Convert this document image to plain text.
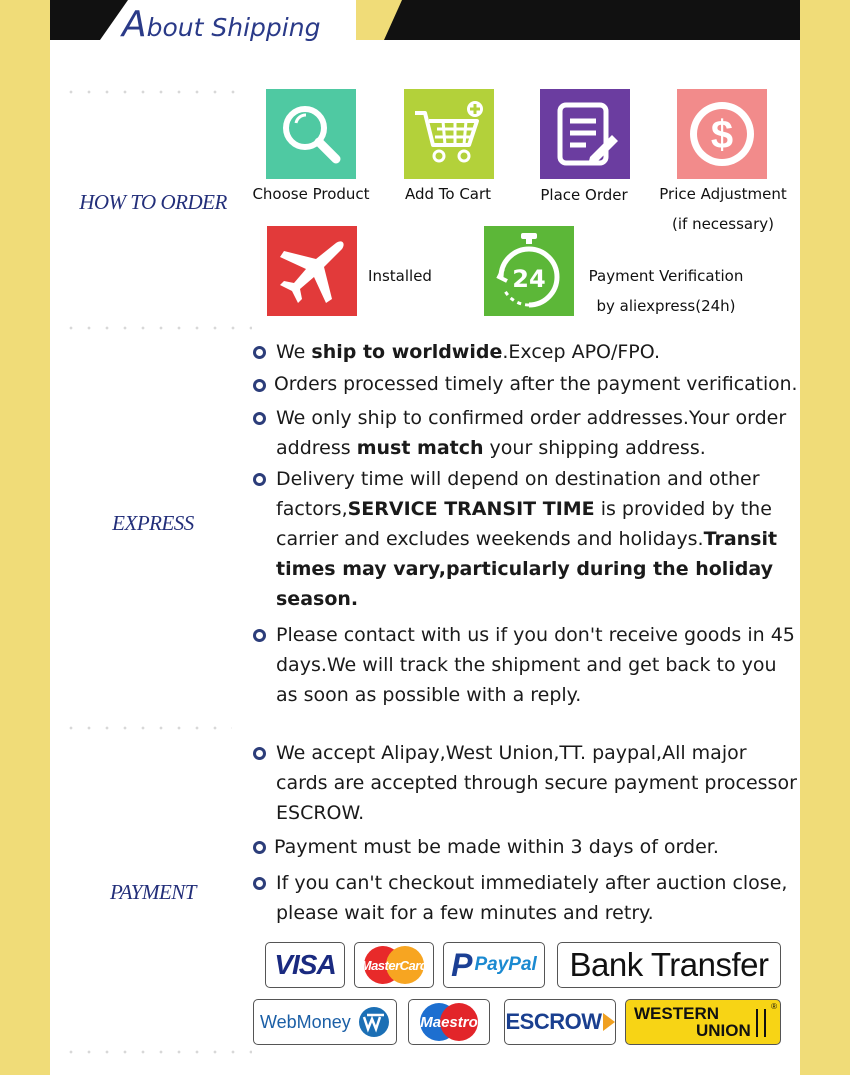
About Shipping
HOW TO ORDER	Choose Product	Add To Cart	Place Order
$
Price Adjustment
(if necessary)
Installed	24	Payment Verification
by aliexpress(24h)
EXPRESS
We ship to worldwide.Excep APO/FPO.
Orders processed timely after the payment verification.
We only ship to confirmed order addresses.Your order address must match your shipping address.
Delivery time will depend on destination and other factors,SERVICE TRANSIT TIME is provided by the carrier and excludes weekends and holidays.Transit times may vary,particularly during the holiday season.
Please contact with us if you don't receive goods in 45 days.We will track the shipment and get back to you as soon as possible with a reply.
PAYMENT
We accept Alipay,West Union,TT. paypal,All major cards are accepted through secure payment processor ESCROW.
Payment must be made within 3 days of order.
If you can't checkout immediately after auction close, please wait for a few minutes and retry.
VISA MasterCard P PayPal Bank Transfer
WebMoney	Maestro ESCROW WESTERN
UNION
®
